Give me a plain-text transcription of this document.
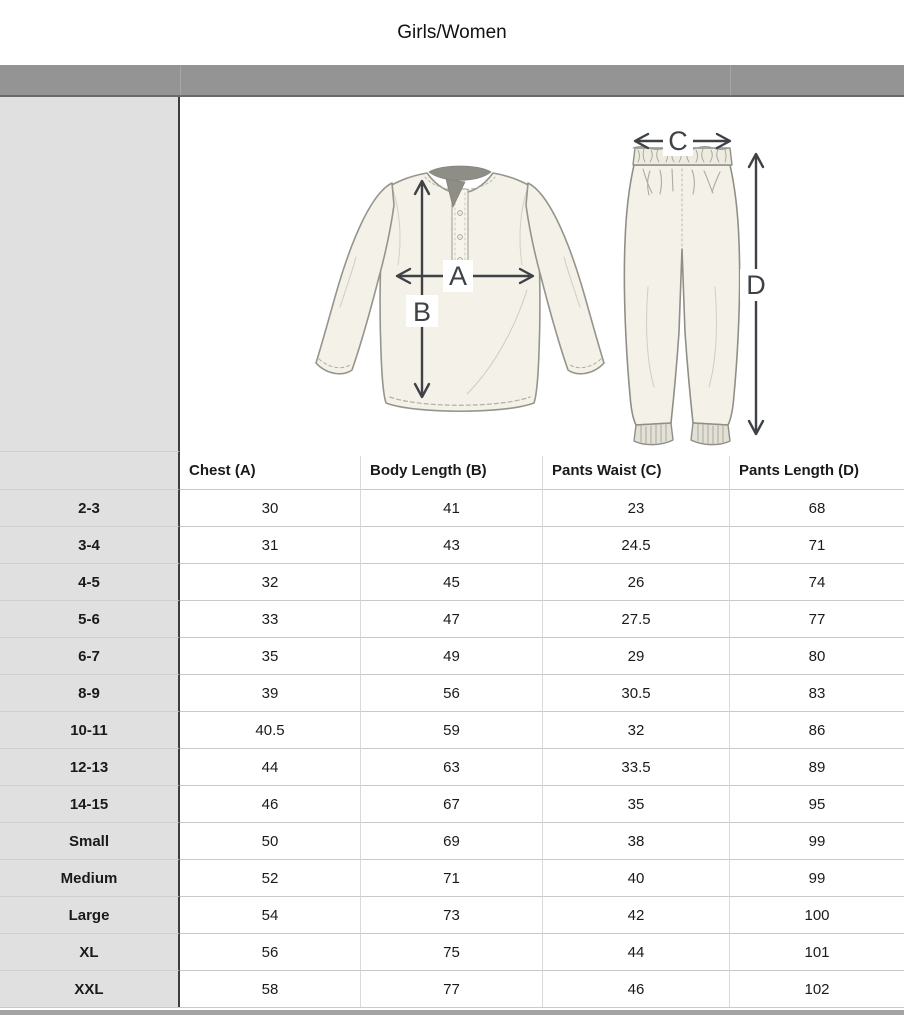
Girls/Women
A
B
C
D
Chest (A)	Body Length (B)	Pants Waist (C)	Pants Length (D)
2-3	30	41	23	68
3-4	31	43	24.5	71
4-5	32	45	26	74
5-6	33	47	27.5	77
6-7	35	49	29	80
8-9	39	56	30.5	83
10-11	40.5	59	32	86
12-13	44	63	33.5	89
14-15	46	67	35	95
Small	50	69	38	99
Medium	52	71	40	99
Large	54	73	42	100
XL	56	75	44	101
XXL	58	77	46	102
